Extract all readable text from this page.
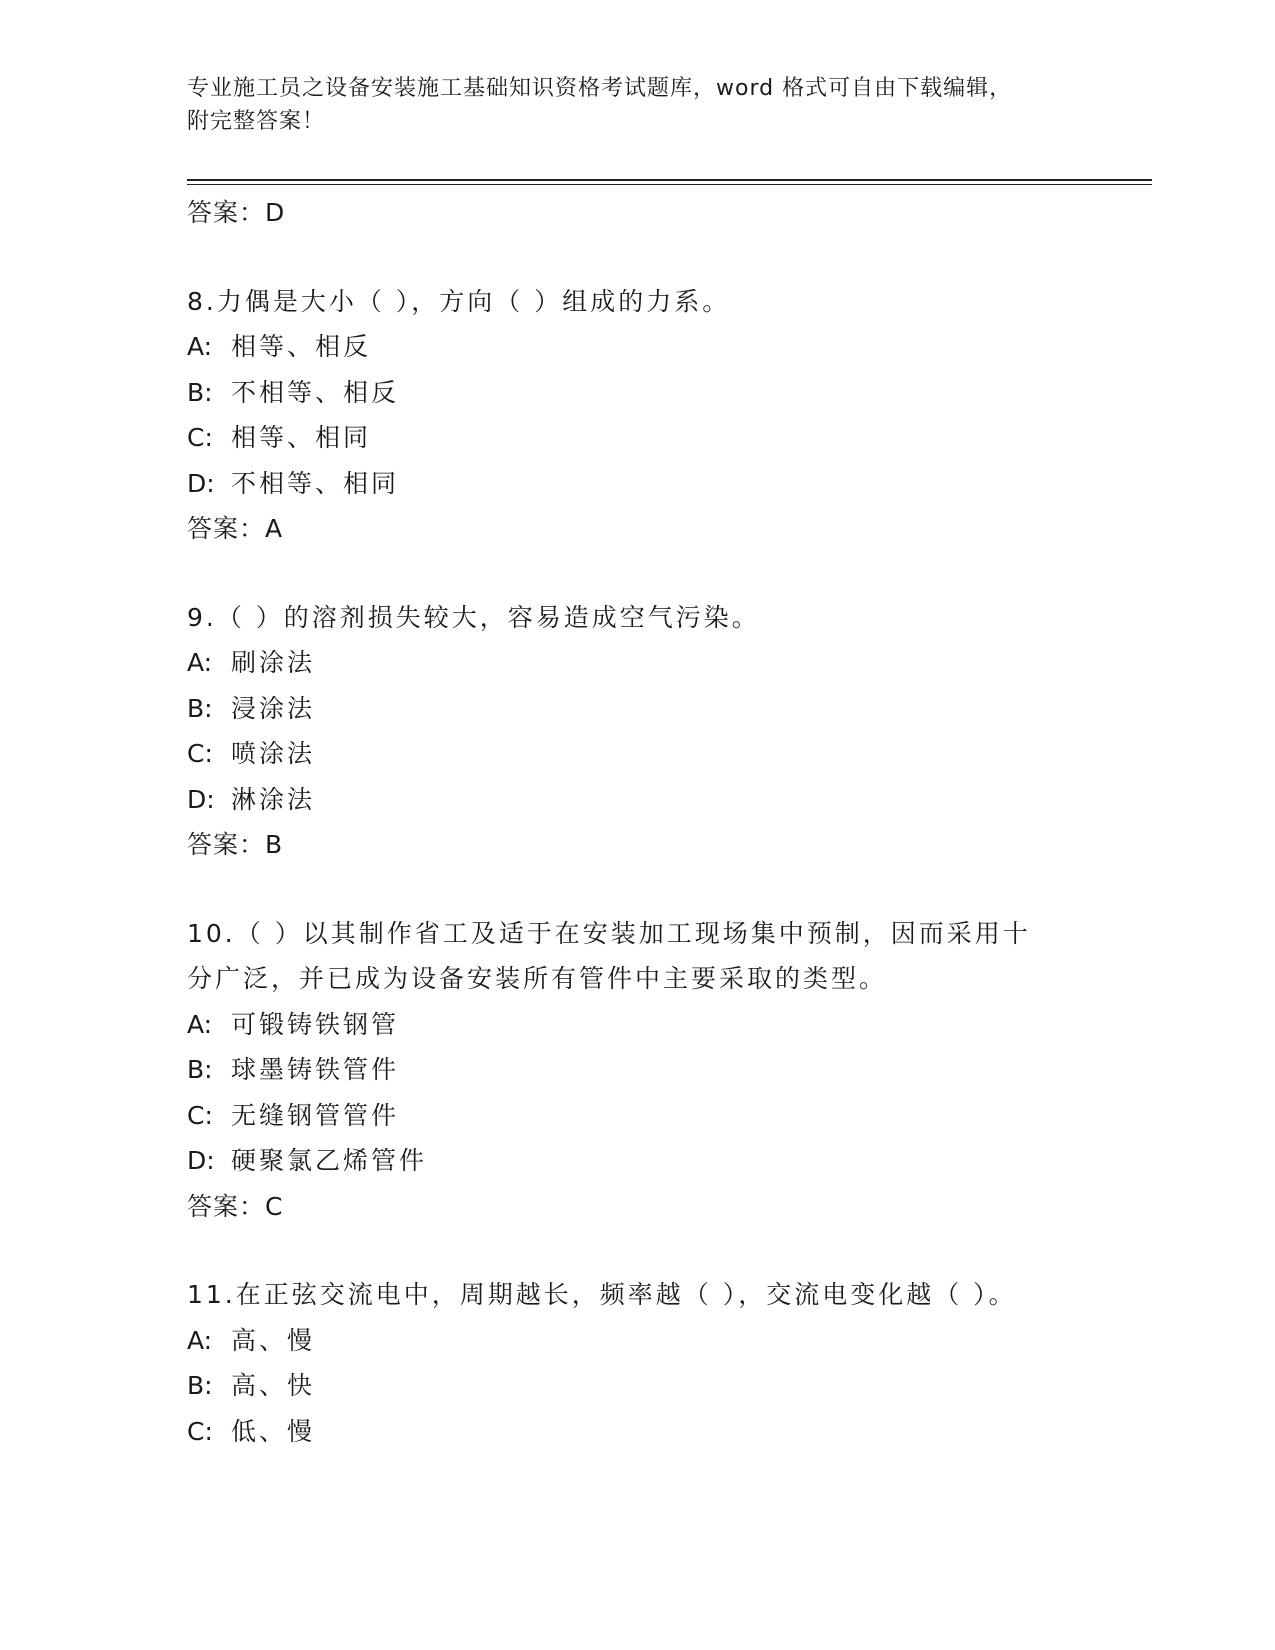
专业施工员之设备安装施工基础知识资格考试题库，word 格式可自由下载编辑，
附完整答案！
答案：D
8.力偶是大小（ ），方向（ ）组成的力系。
A: 相等、相反
B: 不相等、相反
C: 相等、相同
D: 不相等、相同
答案：A
9.（ ）的溶剂损失较大，容易造成空气污染。
A: 刷涂法
B: 浸涂法
C: 喷涂法
D: 淋涂法
答案：B
10.（ ）以其制作省工及适于在安装加工现场集中预制，因而采用十
分广泛，并已成为设备安装所有管件中主要采取的类型。
A: 可锻铸铁钢管
B: 球墨铸铁管件
C: 无缝钢管管件
D: 硬聚氯乙烯管件
答案：C
11.在正弦交流电中，周期越长，频率越（ ），交流电变化越（ ）。
A: 高、慢
B: 高、快
C: 低、慢
